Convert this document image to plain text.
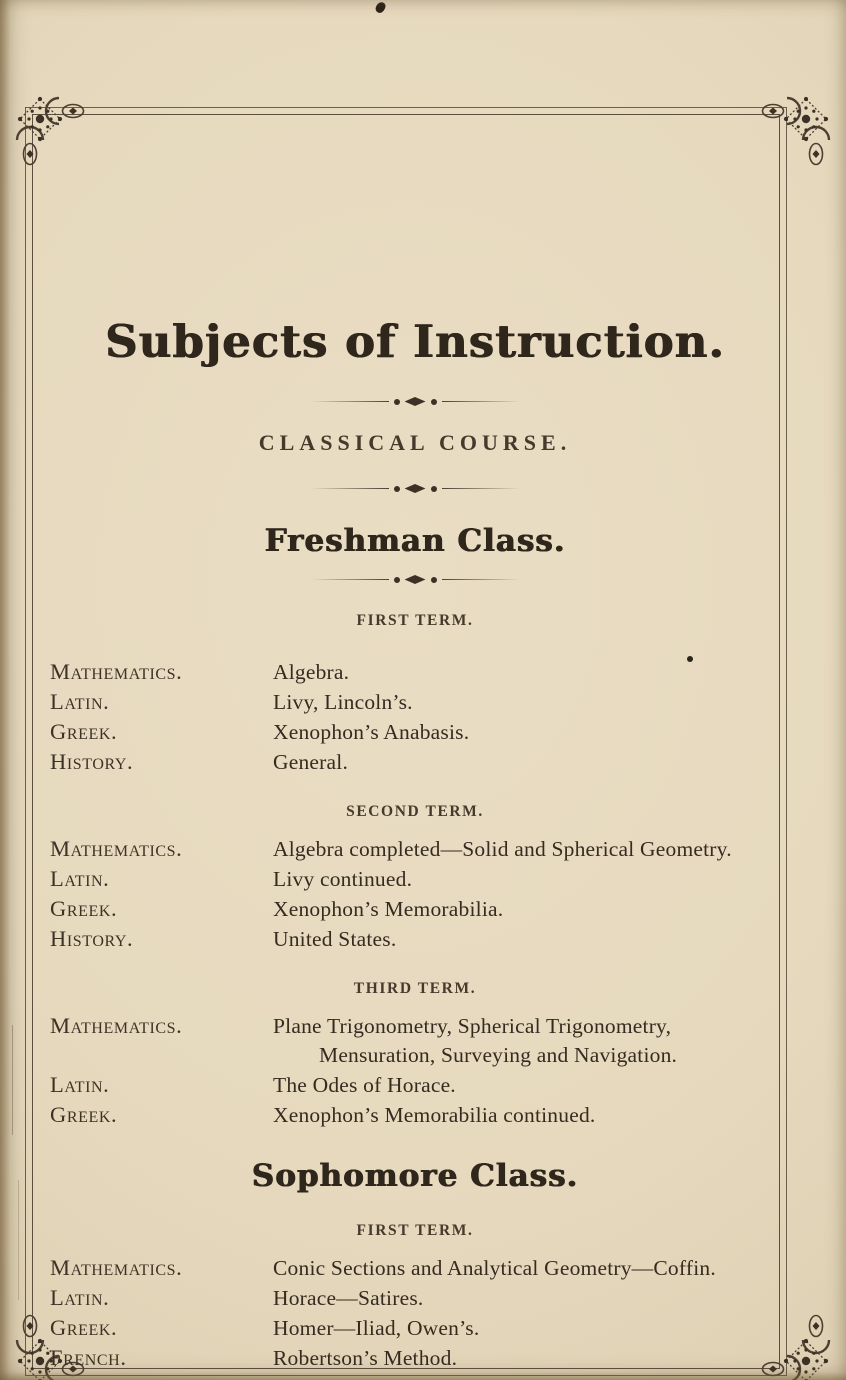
Subjects of Instruction.
CLASSICAL COURSE.
Freshman Class.
FIRST TERM.
Mathematics.	Algebra.
Latin.	Livy, Lincoln’s.
Greek.	Xenophon’s Anabasis.
History.	General.
SECOND TERM.
Mathematics.	Algebra completed—Solid and Spherical Geometry.
Latin.	Livy continued.
Greek.	Xenophon’s Memorabilia.
History.	United States.
THIRD TERM.
Mathematics.	Plane Trigonometry, Spherical Trigonometry, Mensuration, Surveying and Navigation.
Latin.	The Odes of Horace.
Greek.	Xenophon’s Memorabilia continued.
Sophomore Class.
FIRST TERM.
Mathematics.	Conic Sections and Analytical Geometry—Coffin.
Latin.	Horace—Satires.
Greek.	Homer—Iliad, Owen’s.
French.	Robertson’s Method.
